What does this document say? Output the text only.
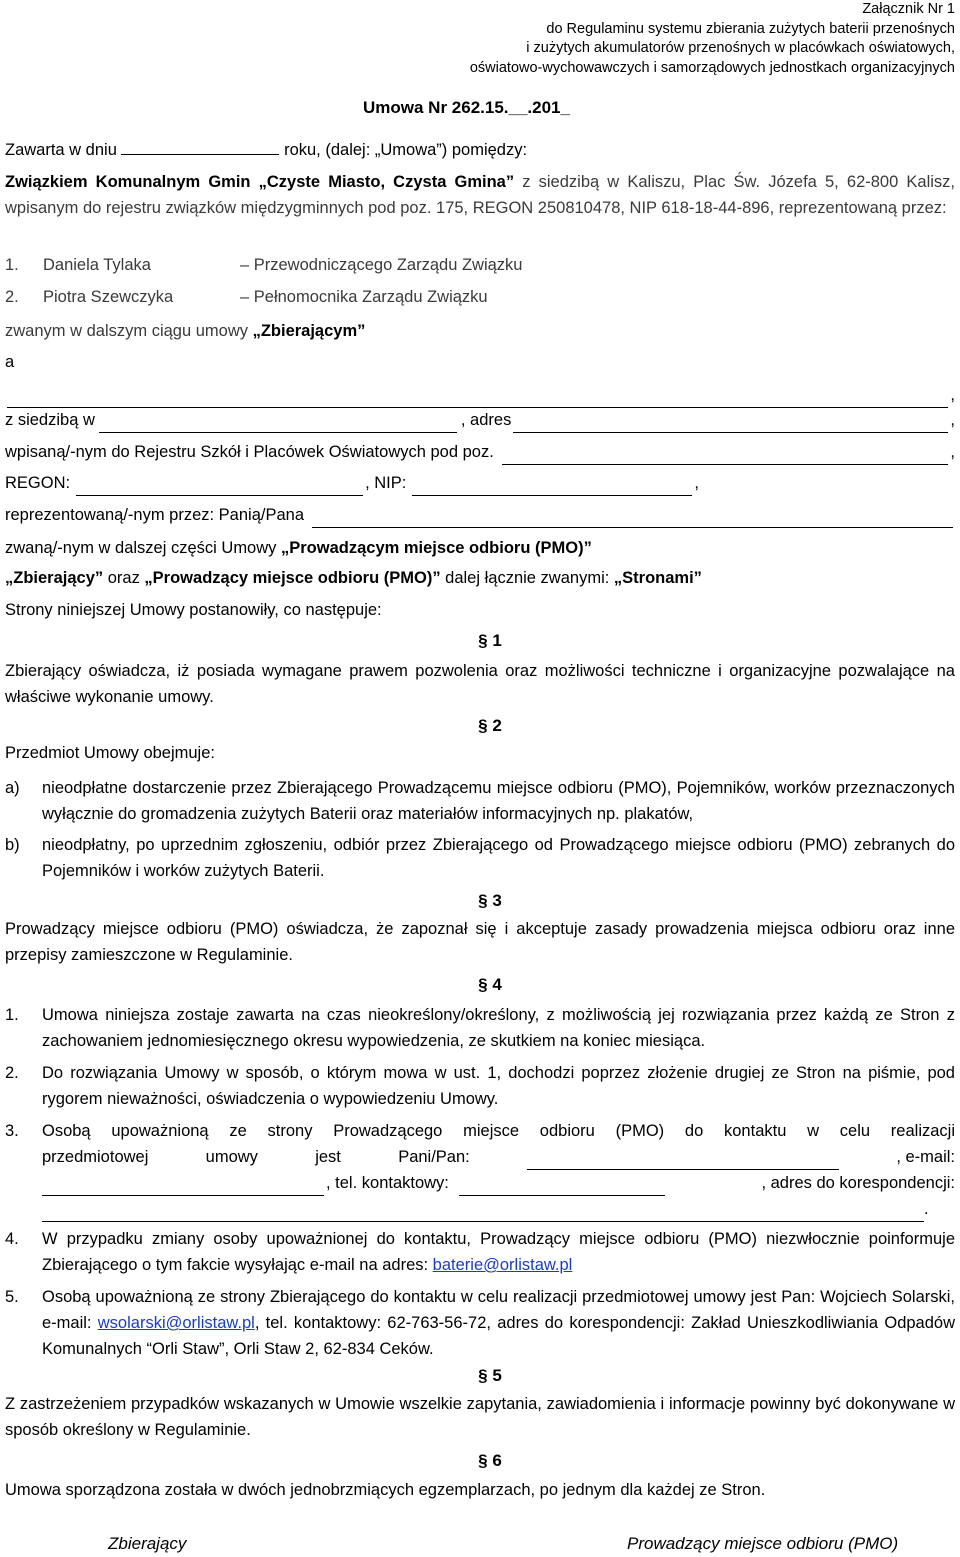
Załącznik Nr 1
do Regulaminu systemu zbierania zużytych baterii przenośnych
i zużytych akumulatorów przenośnych w placówkach oświatowych,
oświatowo-wychowawczych i samorządowych jednostkach organizacyjnych
Umowa Nr 262.15.__.201_
Zawarta w dniu	roku, (dalej: „Umowa”) pomiędzy:
Związkiem Komunalnym Gmin „Czyste Miasto, Czysta Gmina” z siedzibą w Kaliszu, Plac Św. Józefa 5, 62-800 Kalisz, wpisanym do rejestru związków międzygminnych pod poz. 175, REGON 250810478, NIP 618-18-44-896, reprezentowaną przez:
1. Daniela Tylaka	– Przewodniczącego Zarządu Związku
2. Piotra Szewczyka	– Pełnomocnika Zarządu Związku
zwanym w dalszym ciągu umowy „Zbierającym”
a
,
z siedzibą w	, adres	,
wpisaną/-nym do Rejestru Szkół i Placówek Oświatowych pod poz.	,
REGON:	, NIP:	,
reprezentowaną/-nym przez: Panią/Pana
zwaną/-nym w dalszej części Umowy „Prowadzącym miejsce odbioru (PMO)”
„Zbierający” oraz „Prowadzący miejsce odbioru (PMO)” dalej łącznie zwanymi: „Stronami”
Strony niniejszej Umowy postanowiły, co następuje:
§ 1
Zbierający oświadcza, iż posiada wymagane prawem pozwolenia oraz możliwości techniczne i organizacyjne pozwalające na właściwe wykonanie umowy.
§ 2
Przedmiot Umowy obejmuje:
a)	nieodpłatne dostarczenie przez Zbierającego Prowadzącemu miejsce odbioru (PMO), Pojemników, worków przeznaczonych wyłącznie do gromadzenia zużytych Baterii oraz materiałów informacyjnych np. plakatów,
b)	nieodpłatny, po uprzednim zgłoszeniu, odbiór przez Zbierającego od Prowadzącego miejsce odbioru (PMO) zebranych do Pojemników i worków zużytych Baterii.
§ 3
Prowadzący miejsce odbioru (PMO) oświadcza, że zapoznał się i akceptuje zasady prowadzenia miejsca odbioru oraz inne przepisy zamieszczone w Regulaminie.
§ 4
1.	Umowa niniejsza zostaje zawarta na czas nieokreślony/określony, z możliwością jej rozwiązania przez każdą ze Stron z zachowaniem jednomiesięcznego okresu wypowiedzenia, ze skutkiem na koniec miesiąca.
2.	Do rozwiązania Umowy w sposób, o którym mowa w ust. 1, dochodzi poprzez złożenie drugiej ze Stron na piśmie, pod rygorem nieważności, oświadczenia o wypowiedzeniu Umowy.
3.	Osobą upoważnioną ze strony Prowadzącego miejsce odbioru (PMO) do kontaktu w celu realizacji
przedmiotowej	umowy	jest	Pani/Pan:	, e-mail:
, tel. kontaktowy:	, adres do korespondencji:
.
4.	W przypadku zmiany osoby upoważnionej do kontaktu, Prowadzący miejsce odbioru (PMO) niezwłocznie poinformuje Zbierającego o tym fakcie wysyłając e-mail na adres: baterie@orlistaw.pl
5.	Osobą upoważnioną ze strony Zbierającego do kontaktu w celu realizacji przedmiotowej umowy jest Pan: Wojciech Solarski, e-mail: wsolarski@orlistaw.pl, tel. kontaktowy: 62-763-56-72, adres do korespondencji: Zakład Unieszkodliwiania Odpadów Komunalnych “Orli Staw”, Orli Staw 2, 62-834 Ceków.
§ 5
Z zastrzeżeniem przypadków wskazanych w Umowie wszelkie zapytania, zawiadomienia i informacje powinny być dokonywane w sposób określony w Regulaminie.
§ 6
Umowa sporządzona została w dwóch jednobrzmiących egzemplarzach, po jednym dla każdej ze Stron.
Zbierający	Prowadzący miejsce odbioru (PMO)
